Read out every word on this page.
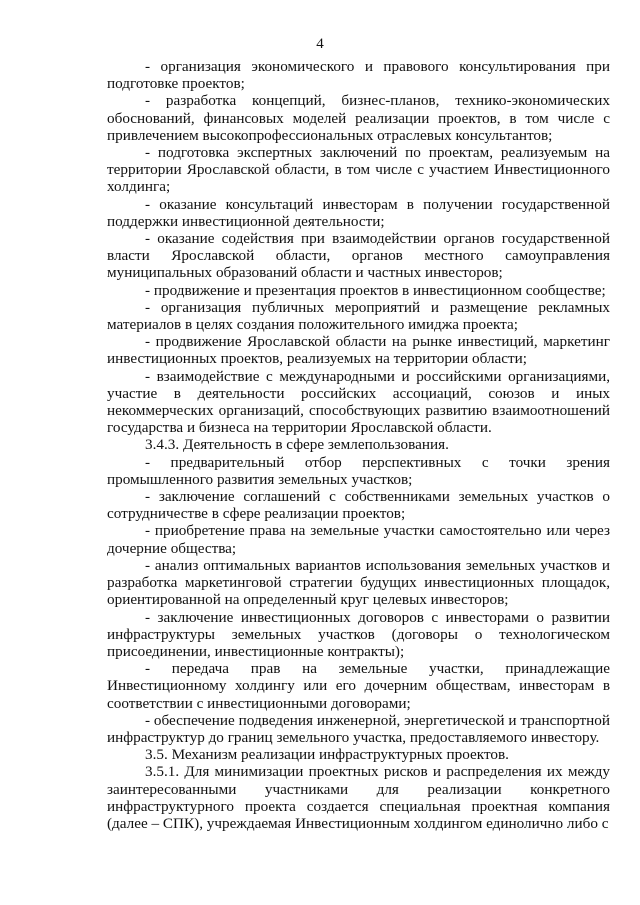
4

- организация экономического и правового консультирования при подготовке проектов;

- разработка концепций, бизнес-планов, технико-экономических обоснований, финансовых моделей реализации проектов, в том числе с привлечением высокопрофессиональных отраслевых консультантов;

- подготовка экспертных заключений по проектам, реализуемым на территории Ярославской области, в том числе с участием Инвестиционного холдинга;

- оказание консультаций инвесторам в получении государственной поддержки инвестиционной деятельности;

- оказание содействия при взаимодействии органов государственной власти Ярославской области, органов местного самоуправления муниципальных образований области и частных инвесторов;

- продвижение и презентация проектов в инвестиционном сообществе;

- организация публичных мероприятий и размещение рекламных материалов в целях создания положительного имиджа проекта;

- продвижение Ярославской области на рынке инвестиций, маркетинг инвестиционных проектов, реализуемых на территории области;

- взаимодействие с международными и российскими организациями, участие в деятельности российских ассоциаций, союзов и иных некоммерческих организаций, способствующих развитию взаимоотношений государства и бизнеса на территории Ярославской области.

3.4.3. Деятельность в сфере землепользования.

- предварительный отбор перспективных с точки зрения промышленного развития земельных участков;

- заключение соглашений с собственниками земельных участков о сотрудничестве в сфере реализации проектов;

- приобретение права на земельные участки самостоятельно или через дочерние общества;

- анализ оптимальных вариантов использования земельных участков и разработка маркетинговой стратегии будущих инвестиционных площадок, ориентированной на определенный круг целевых инвесторов;

- заключение инвестиционных договоров с инвесторами о развитии инфраструктуры земельных участков (договоры о технологическом присоединении, инвестиционные контракты);

- передача прав на земельные участки, принадлежащие Инвестиционному холдингу или его дочерним обществам, инвесторам в соответствии с инвестиционными договорами;

- обеспечение подведения инженерной, энергетической и транспортной инфраструктур до границ земельного участка, предоставляемого инвестору.

3.5. Механизм реализации инфраструктурных проектов.

3.5.1. Для минимизации проектных рисков и распределения их между заинтересованными участниками для реализации конкретного инфраструктурного проекта создается специальная проектная компания (далее – СПК), учреждаемая Инвестиционным холдингом единолично либо с
